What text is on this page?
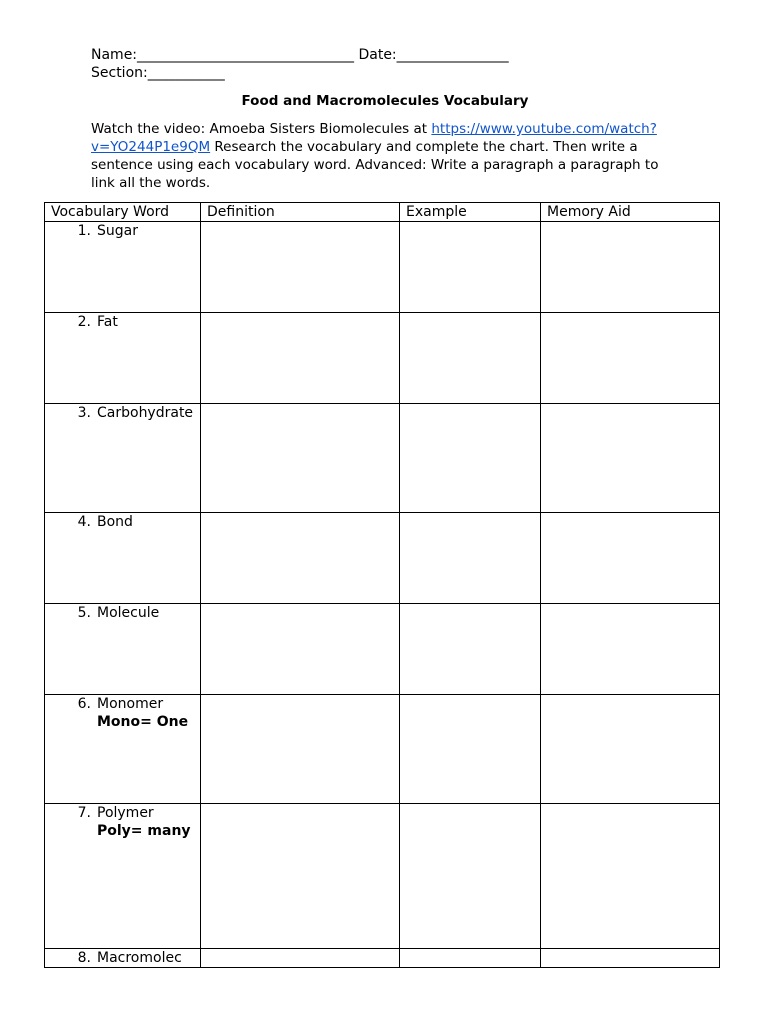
Name:_______________________________ Date:________________
Section:___________
Food and Macromolecules Vocabulary
Watch the video: Amoeba Sisters Biomolecules at https://www.youtube.com/watch?v=YO244P1e9QM Research the vocabulary and complete the chart. Then write a sentence using each vocabulary word. Advanced: Write a paragraph a paragraph to link all the words.
Vocabulary Word	Definition	Example	Memory Aid

1. Sugar			

2. Fat			

3. Carbohydrate			

4. Bond			

5. Molecule			

6. Monomer
Mono= One			

7. Polymer
Poly= many			

8. Macromolec			
